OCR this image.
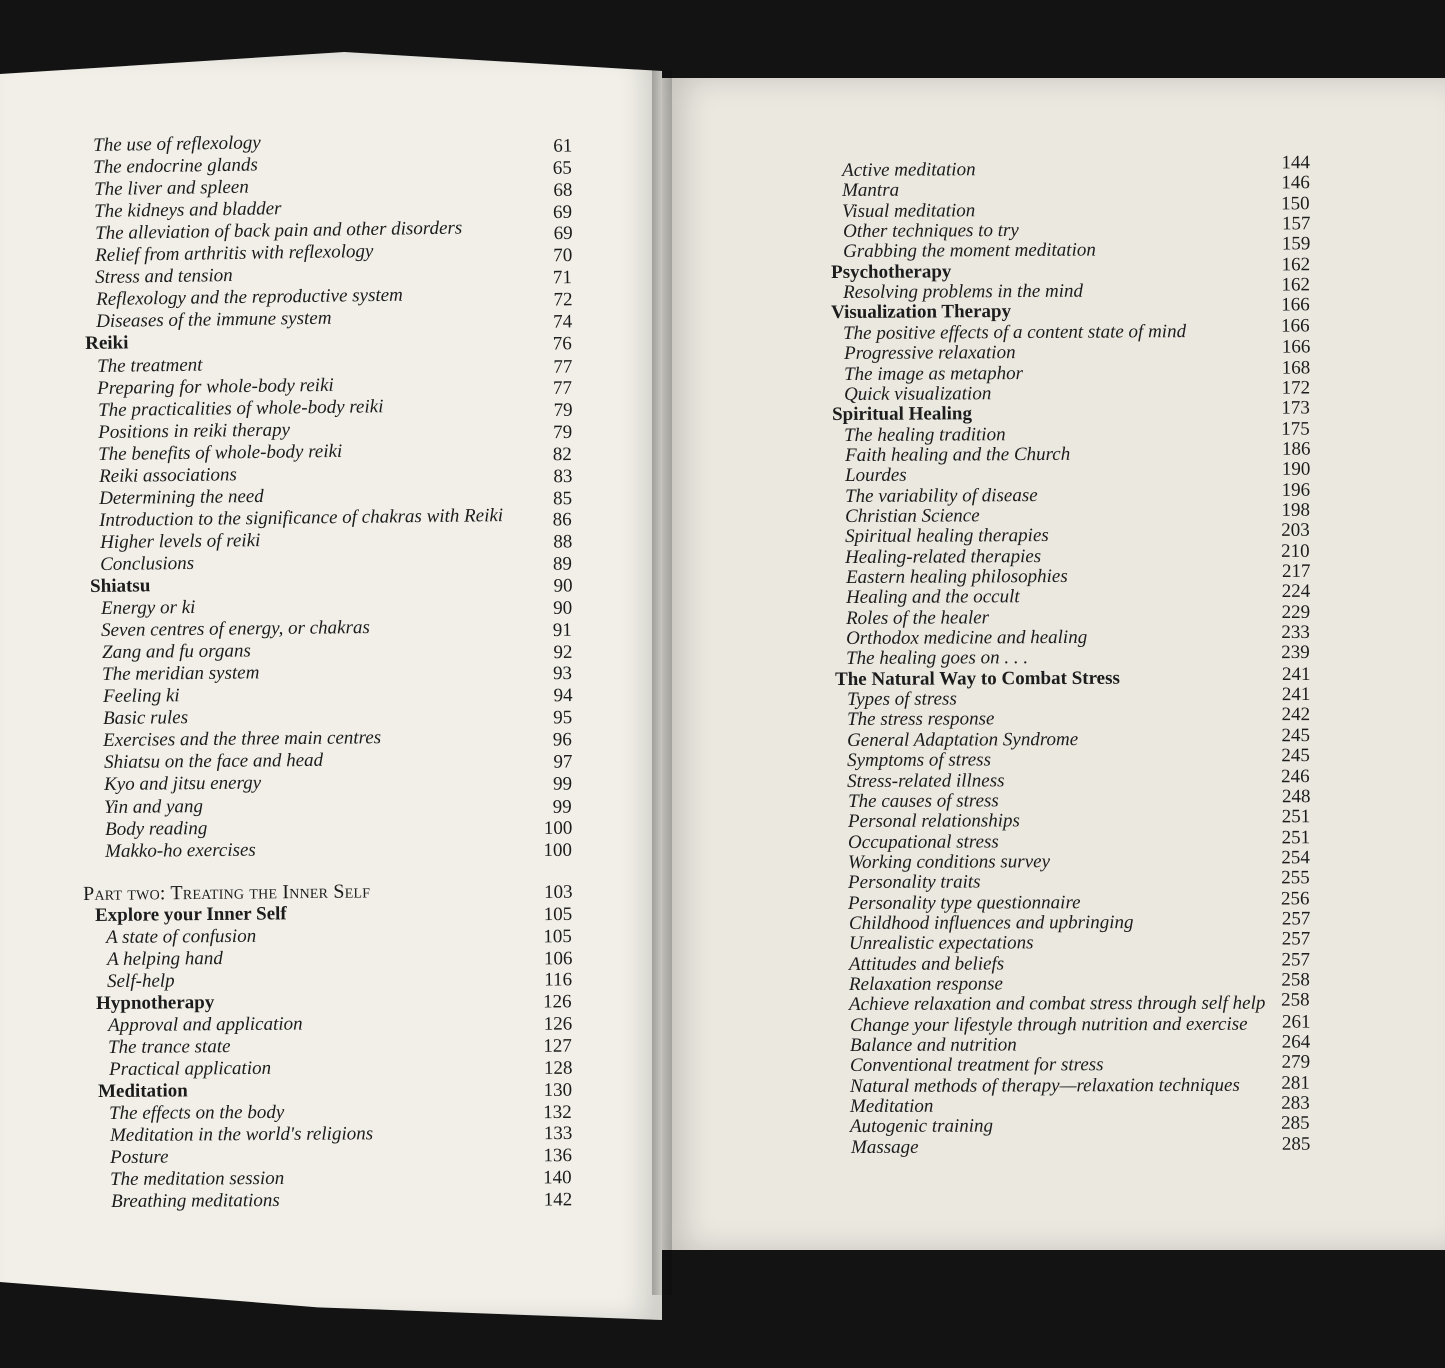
The use of reflexology	61
The endocrine glands	65
The liver and spleen	68
The kidneys and bladder	69
The alleviation of back pain and other disorders	69
Relief from arthritis with reflexology	70
Stress and tension	71
Reflexology and the reproductive system	72
Diseases of the immune system	74
Reiki	76
The treatment	77
Preparing for whole-body reiki	77
The practicalities of whole-body reiki	79
Positions in reiki therapy	79
The benefits of whole-body reiki	82
Reiki associations	83
Determining the need	85
Introduction to the significance of chakras with Reiki	86
Higher levels of reiki	88
Conclusions	89
Shiatsu	90
Energy or ki	90
Seven centres of energy, or chakras	91
Zang and fu organs	92
The meridian system	93
Feeling ki	94
Basic rules	95
Exercises and the three main centres	96
Shiatsu on the face and head	97
Kyo and jitsu energy	99
Yin and yang	99
Body reading	100
Makko-ho exercises	100
Part two: Treating the Inner Self	103
Explore your Inner Self	105
A state of confusion	105
A helping hand	106
Self-help	116
Hypnotherapy	126
Approval and application	126
The trance state	127
Practical application	128
Meditation	130
The effects on the body	132
Meditation in the world's religions	133
Posture	136
The meditation session	140
Breathing meditations	142
Active meditation	144
Mantra	146
Visual meditation	150
Other techniques to try	157
Grabbing the moment meditation	159
Psychotherapy	162
Resolving problems in the mind	162
Visualization Therapy	166
The positive effects of a content state of mind	166
Progressive relaxation	166
The image as metaphor	168
Quick visualization	172
Spiritual Healing	173
The healing tradition	175
Faith healing and the Church	186
Lourdes	190
The variability of disease	196
Christian Science	198
Spiritual healing therapies	203
Healing-related therapies	210
Eastern healing philosophies	217
Healing and the occult	224
Roles of the healer	229
Orthodox medicine and healing	233
The healing goes on . . .	239
The Natural Way to Combat Stress	241
Types of stress	241
The stress response	242
General Adaptation Syndrome	245
Symptoms of stress	245
Stress-related illness	246
The causes of stress	248
Personal relationships	251
Occupational stress	251
Working conditions survey	254
Personality traits	255
Personality type questionnaire	256
Childhood influences and upbringing	257
Unrealistic expectations	257
Attitudes and beliefs	257
Relaxation response	258
Achieve relaxation and combat stress through self help 258
Change your lifestyle through nutrition and exercise	261
Balance and nutrition	264
Conventional treatment for stress	279
Natural methods of therapy—relaxation techniques	281
Meditation	283
Autogenic training	285
Massage	285
